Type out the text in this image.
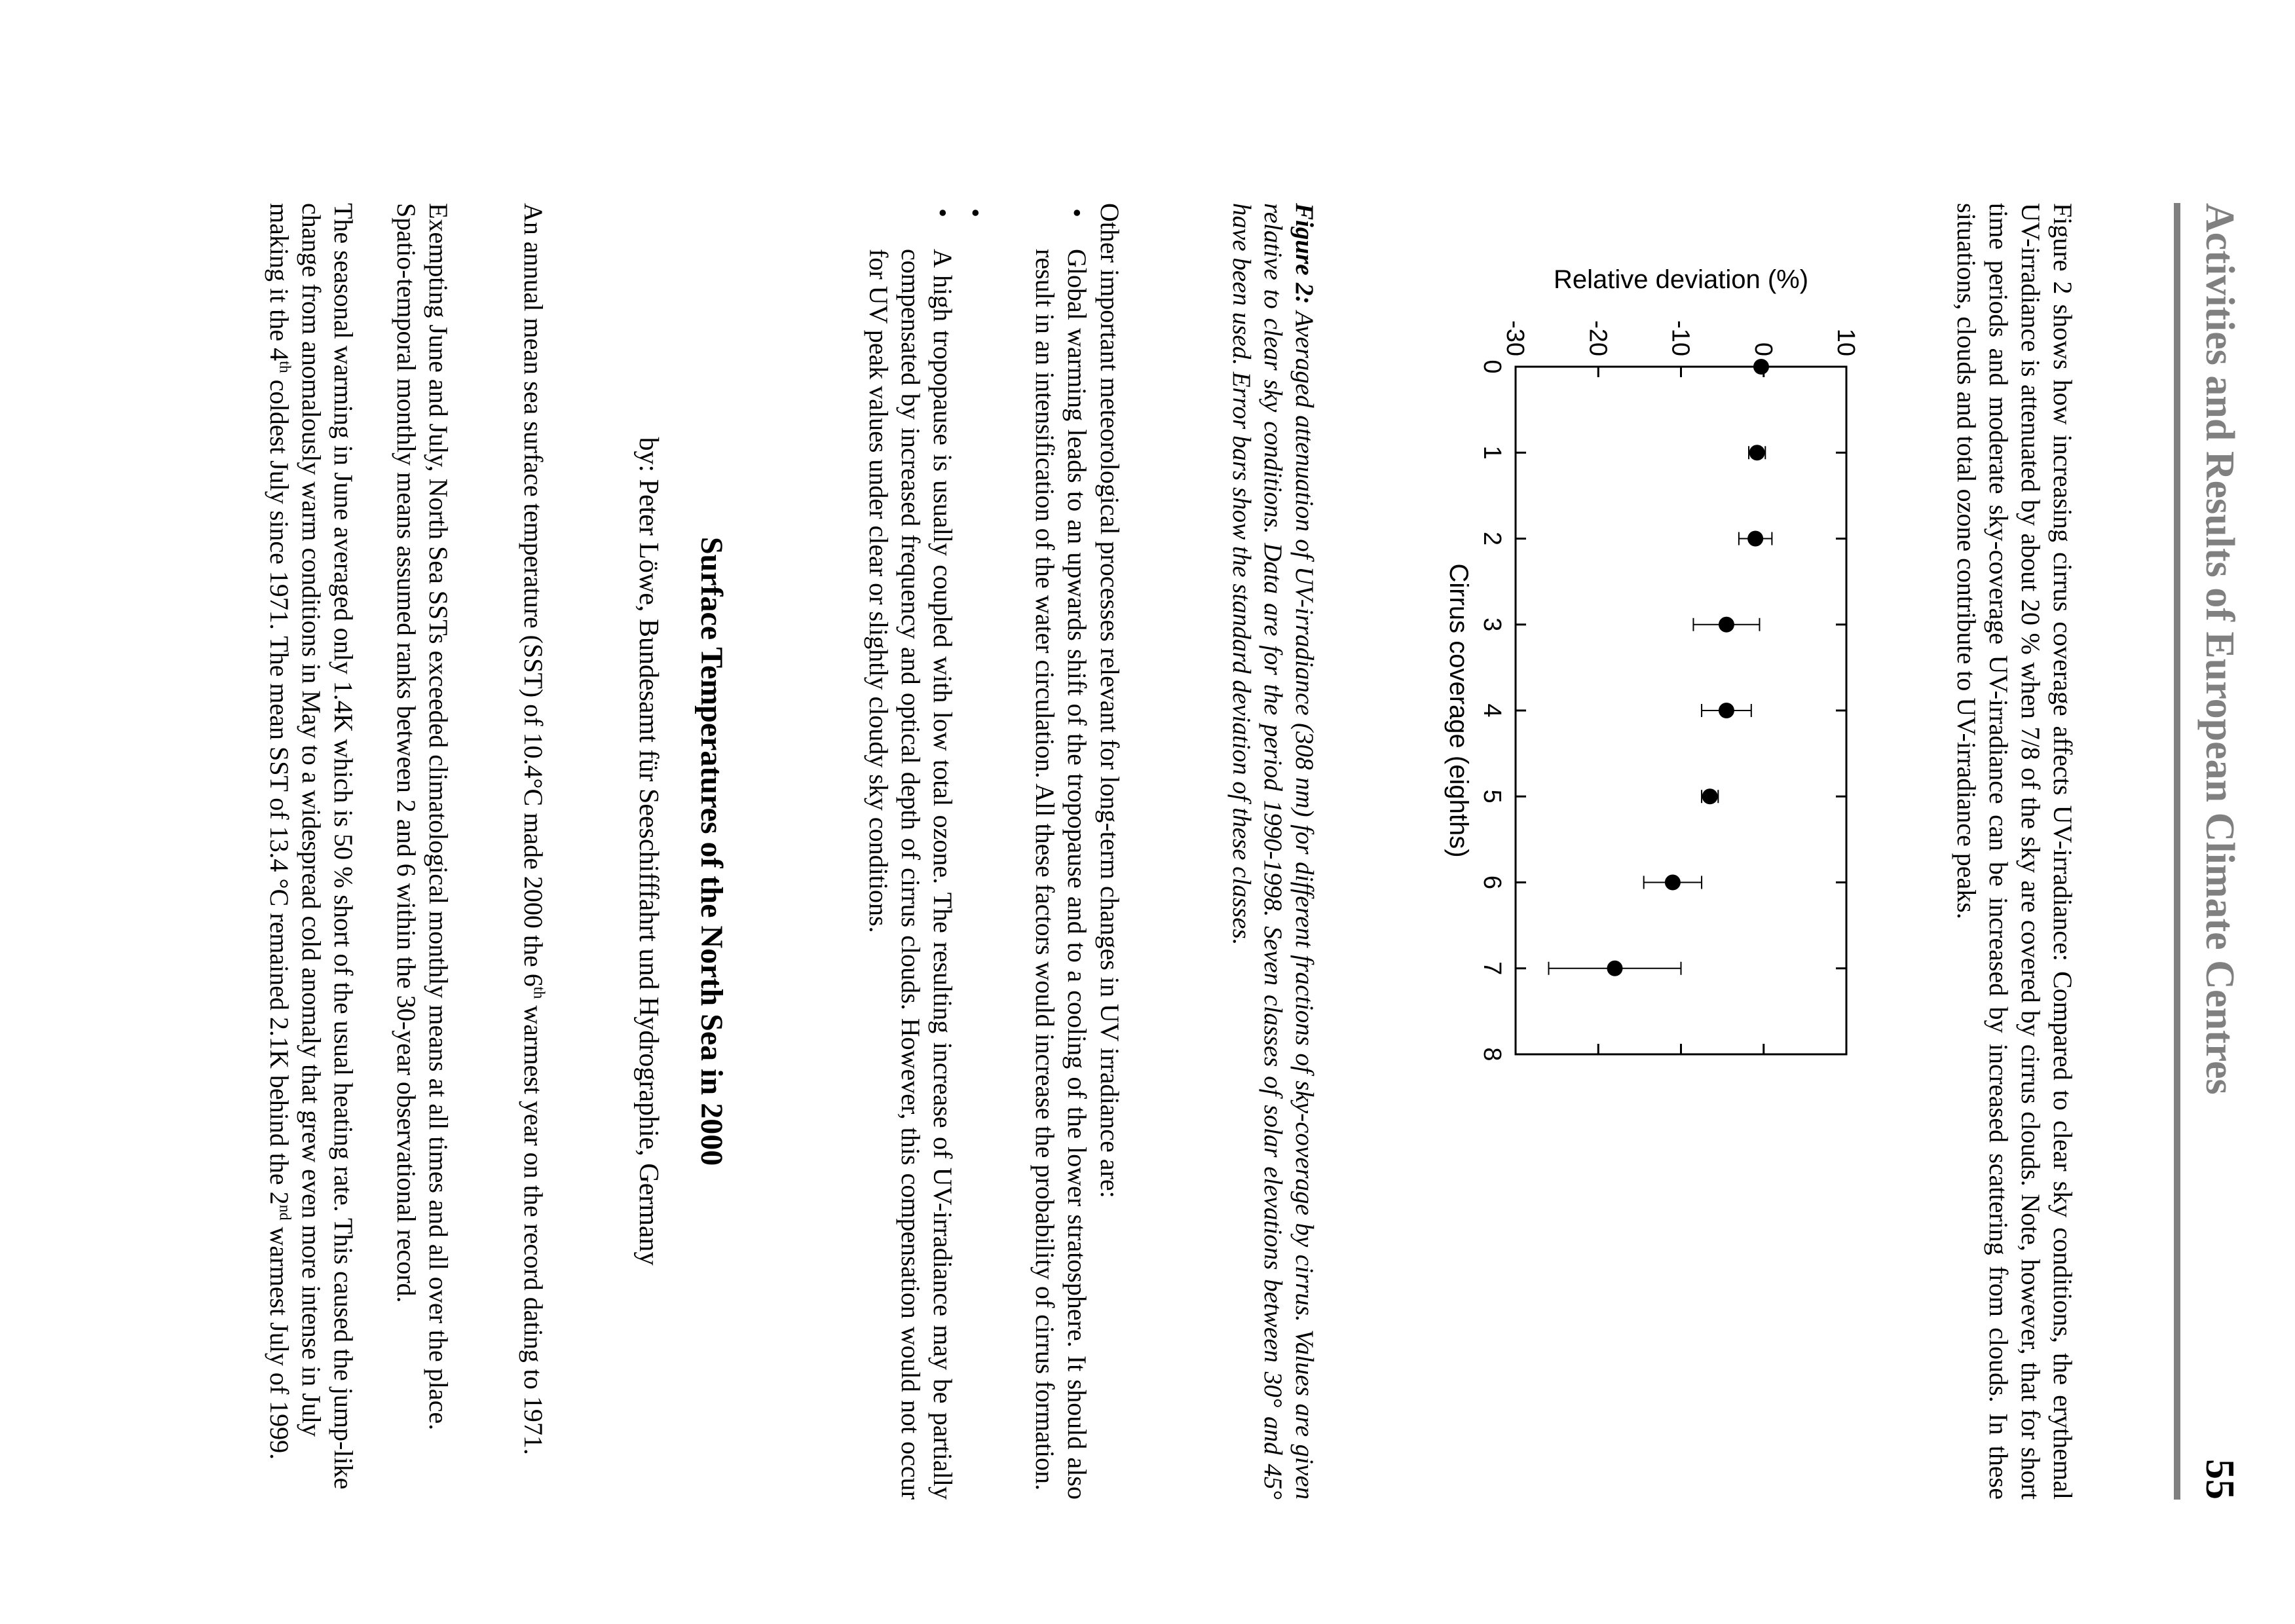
Activities and Results of European Climate Centres
55

Figure 2 shows how increasing cirrus coverage affects UV-irradiance: Compared to clear sky conditions, the erythemal UV-irradiance is attenuated by about 20 % when 7/8 of the sky are covered by cirrus clouds. Note, however, that for short time periods and moderate sky-coverage UV-irradiance can be increased by increased scattering from clouds. In these situations, clouds and total ozone contribute to UV-irradiance peaks.

0
1
2
3
4
5
6
7
8
-30 -20 -10 0 10
Cirrus coverage (eighths)
Relative deviation (%)

Figure 2: Averaged attenuation of UV-irradiance (308 nm) for different fractions of sky-coverage by cirrus. Values are given relative to clear sky conditions. Data are for the period 1990-1998. Seven classes of solar elevations between 30° and 45° have been used. Error bars show the standard deviation of these classes.

Other important meteorological processes relevant for long-term changes in UV irradiance are:

•
Global warming leads to an upwards shift of the tropopause and to a cooling of the lower stratosphere. It should also result in an intensification of the water circulation. All these factors would increase the probability of cirrus formation.
•
•
A high tropopause is usually coupled with low total ozone. The resulting increase of UV-irradiance may be partially compensated by increased frequency and optical depth of cirrus clouds. However, this compensation would not occur for UV peak values under clear or slightly cloudy sky conditions.
Surface Temperatures of the North Sea in 2000
by: Peter Löwe, Bundesamt für Seeschifffahrt und Hydrographie, Germany

An annual mean sea surface temperature (SST) of 10.4°C made 2000 the 6th warmest year on the record dating to 1971.

Exempting June and July, North Sea SSTs exceeded climatological monthly means at all times and all over the place. Spatio-temporal monthly means assumed ranks between 2 and 6 within the 30-year observational record.

The seasonal warming in June averaged only 1.4K which is 50 % short of the usual heating rate. This caused the jump-like change from anomalously warm conditions in May to a widespread cold anomaly that grew even more intense in July making it the 4th coldest July since 1971. The mean SST of 13.4 °C remained 2.1K behind the 2nd warmest July of 1999.
